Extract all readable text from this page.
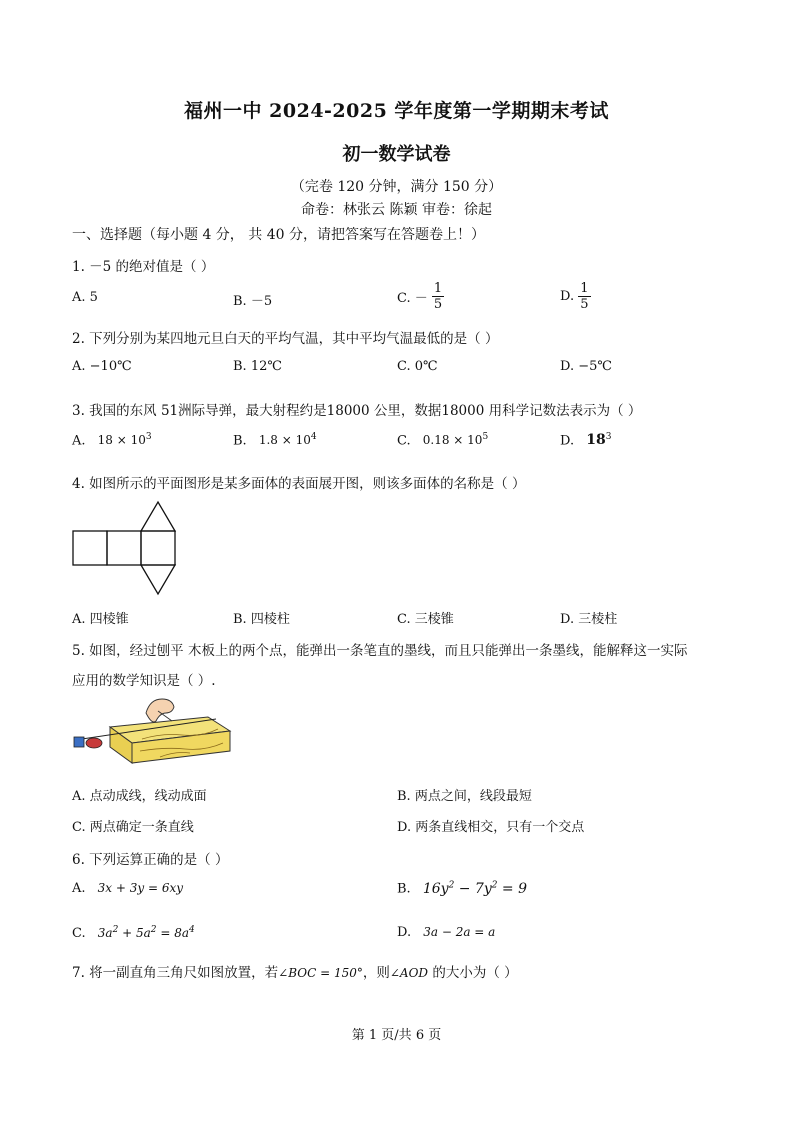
福州一中 2024-2025 学年度第一学期期末考试
初一数学试卷
（完卷 120 分钟，满分 150 分）
命卷：林张云 陈颖 审卷：徐起
一、选择题（每小题 4 分， 共 40 分，请把答案写在答题卷上！）
1. －5 的绝对值是（ ）
A. 5	B. －5	C. － $\frac{1}{5}$	D. $\frac{1}{5}$
2. 下列分别为某四地元旦白天的平均气温，其中平均气温最低的是（ ）
A. −10℃	B. 12℃	C. 0℃	D. −5℃
3. 我国的东风 51洲际导弹，最大射程约是18000 公里，数据18000 用科学记数法表示为（ ）
A. $18 \times 10^3$	B. $1.8 \times 10^4$	C. $0.18 \times 10^5$	D. $18^3$
4. 如图所示的平面图形是某多面体的表面展开图，则该多面体的名称是（ ）
A. 四棱锥	B. 四棱柱	C. 三棱锥	D. 三棱柱
5. 如图，经过刨平 木板上的两个点，能弹出一条笔直的墨线，而且只能弹出一条墨线，能解释这一实际
应用的数学知识是（ ）.
A. 点动成线，线动成面	B. 两点之间，线段最短
C. 两点确定一条直线	D. 两条直线相交，只有一个交点
6. 下列运算正确的是（ ）
A. 3x + 3y = 6xy	B. $16y^2 - 7y^2 = 9$
C. $3a^2 + 5a^2 = 8a^4$	D. 3a − 2a = a
7. 将一副直角三角尺如图放置，若∠BOC = 150°，则∠AOD 的大小为（ ）
第 1 页/共 6 页
